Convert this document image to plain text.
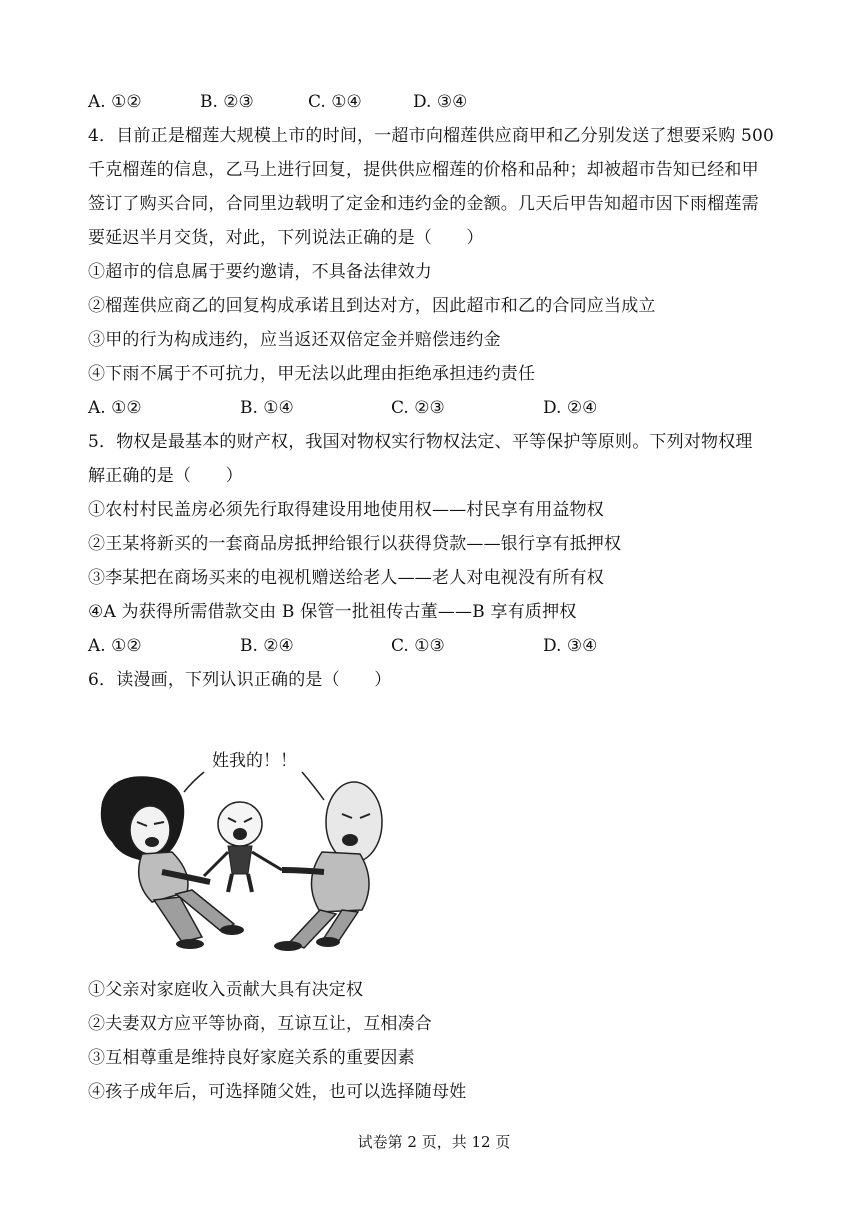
A. ①②	B. ②③	C. ①④	D. ③④
4．目前正是榴莲大规模上市的时间，一超市向榴莲供应商甲和乙分别发送了想要采购 500
千克榴莲的信息，乙马上进行回复，提供供应榴莲的价格和品种；却被超市告知已经和甲
签订了购买合同，合同里边载明了定金和违约金的金额。几天后甲告知超市因下雨榴莲需
要延迟半月交货，对此，下列说法正确的是（　　）
①超市的信息属于要约邀请，不具备法律效力
②榴莲供应商乙的回复构成承诺且到达对方，因此超市和乙的合同应当成立
③甲的行为构成违约，应当返还双倍定金并赔偿违约金
④下雨不属于不可抗力，甲无法以此理由拒绝承担违约责任
A. ①②	B. ①④	C. ②③	D. ②④
5．物权是最基本的财产权，我国对物权实行物权法定、平等保护等原则。下列对物权理
解正确的是（　　）
①农村村民盖房必须先行取得建设用地使用权——村民享有用益物权
②王某将新买的一套商品房抵押给银行以获得贷款——银行享有抵押权
③李某把在商场买来的电视机赠送给老人——老人对电视没有所有权
④A 为获得所需借款交由 B 保管一批祖传古董——B 享有质押权
A. ①②	B. ②④	C. ①③	D. ③④
6．读漫画，下列认识正确的是（　　）
姓我的！！
①父亲对家庭收入贡献大具有决定权
②夫妻双方应平等协商，互谅互让，互相凑合
③互相尊重是维持良好家庭关系的重要因素
④孩子成年后，可选择随父姓，也可以选择随母姓
试卷第 2 页，共 12 页
